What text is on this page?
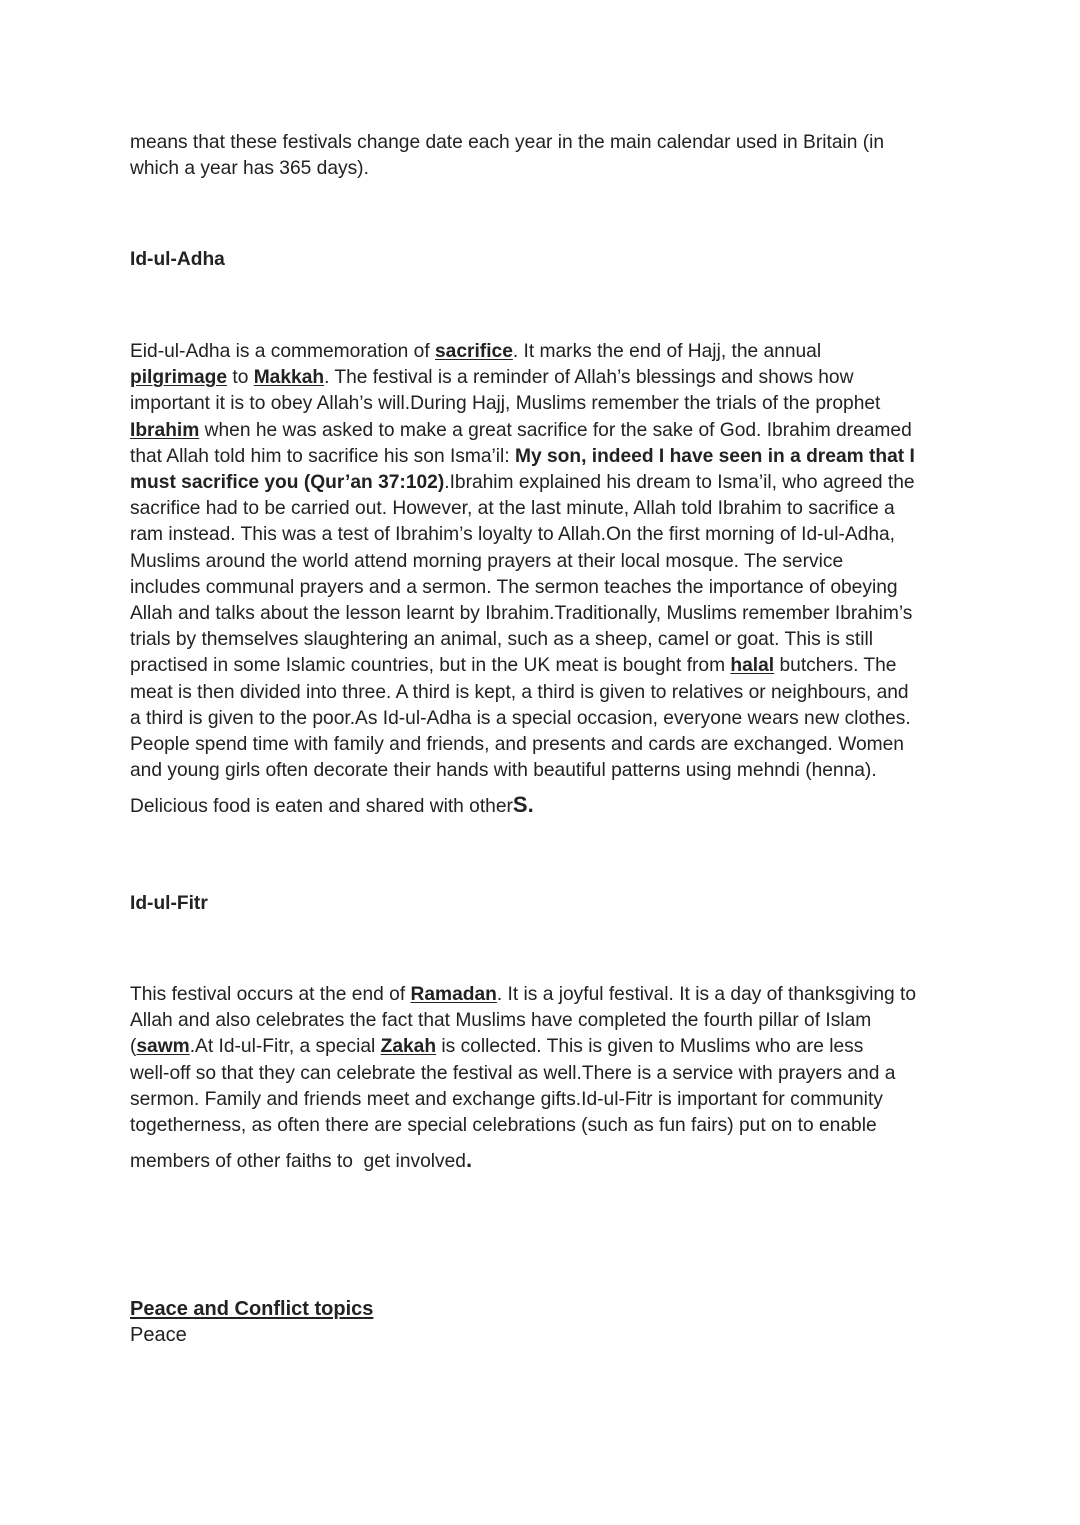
means that these festivals change date each year in the main calendar used in Britain (in
which a year has 365 days).
Id-ul-Adha
Eid-ul-Adha is a commemoration of sacrifice. It marks the end of Hajj, the annual
pilgrimage to Makkah. The festival is a reminder of Allah’s blessings and shows how
important it is to obey Allah’s will.During Hajj, Muslims remember the trials of the prophet
Ibrahim when he was asked to make a great sacrifice for the sake of God. Ibrahim dreamed
that Allah told him to sacrifice his son Isma’il: My son, indeed I have seen in a dream that I
must sacrifice you (Qur’an 37:102).Ibrahim explained his dream to Isma’il, who agreed the
sacrifice had to be carried out. However, at the last minute, Allah told Ibrahim to sacrifice a
ram instead. This was a test of Ibrahim’s loyalty to Allah.On the first morning of Id-ul-Adha,
Muslims around the world attend morning prayers at their local mosque. The service
includes communal prayers and a sermon. The sermon teaches the importance of obeying
Allah and talks about the lesson learnt by Ibrahim.Traditionally, Muslims remember Ibrahim’s
trials by themselves slaughtering an animal, such as a sheep, camel or goat. This is still
practised in some Islamic countries, but in the UK meat is bought from halal butchers. The
meat is then divided into three. A third is kept, a third is given to relatives or neighbours, and
a third is given to the poor.As Id-ul-Adha is a special occasion, everyone wears new clothes.
People spend time with family and friends, and presents and cards are exchanged. Women
and young girls often decorate their hands with beautiful patterns using mehndi (henna).
Delicious food is eaten and shared with otherS.
Id-ul-Fitr
This festival occurs at the end of Ramadan. It is a joyful festival. It is a day of thanksgiving to
Allah and also celebrates the fact that Muslims have completed the fourth pillar of Islam
(sawm.At Id-ul-Fitr, a special Zakah is collected. This is given to Muslims who are less
well-off so that they can celebrate the festival as well.There is a service with prayers and a
sermon. Family and friends meet and exchange gifts.Id-ul-Fitr is important for community
togetherness, as often there are special celebrations (such as fun fairs) put on to enable
members of other faiths to  get involved.
Peace and Conflict topics
Peace
